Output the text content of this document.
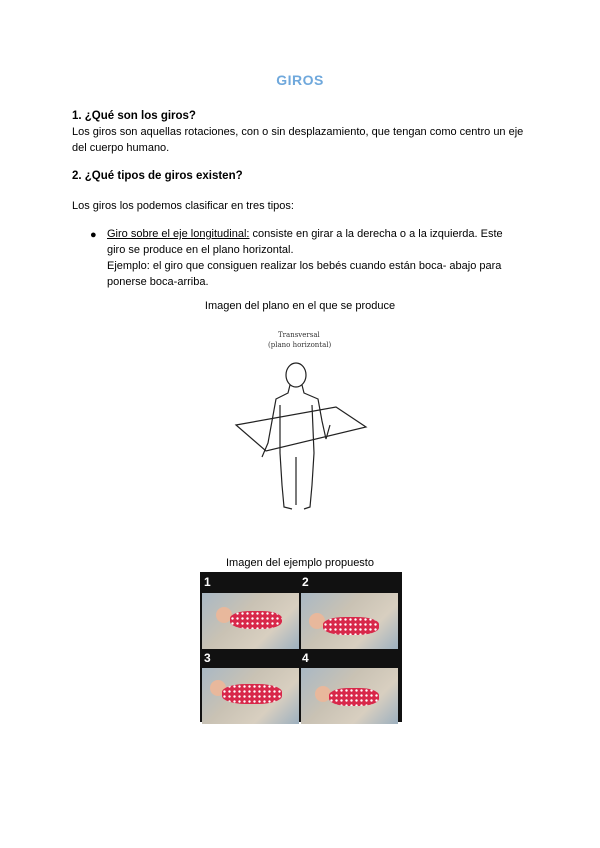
GIROS
1. ¿Qué son los giros?
Los giros son aquellas rotaciones, con o sin desplazamiento, que tengan como centro un eje del cuerpo humano.
2. ¿Qué tipos de giros existen?
Los giros los podemos clasificar en tres tipos:
● Giro sobre el eje longitudinal: consiste en girar a la derecha o a la izquierda. Este giro se produce en el plano horizontal.
Ejemplo: el giro que consiguen realizar los bebés cuando están boca- abajo para ponerse boca-arriba.
Imagen del plano en el que se produce
Transversal
(plano horizontal)
Imagen del ejemplo propuesto
1	2
3	4
